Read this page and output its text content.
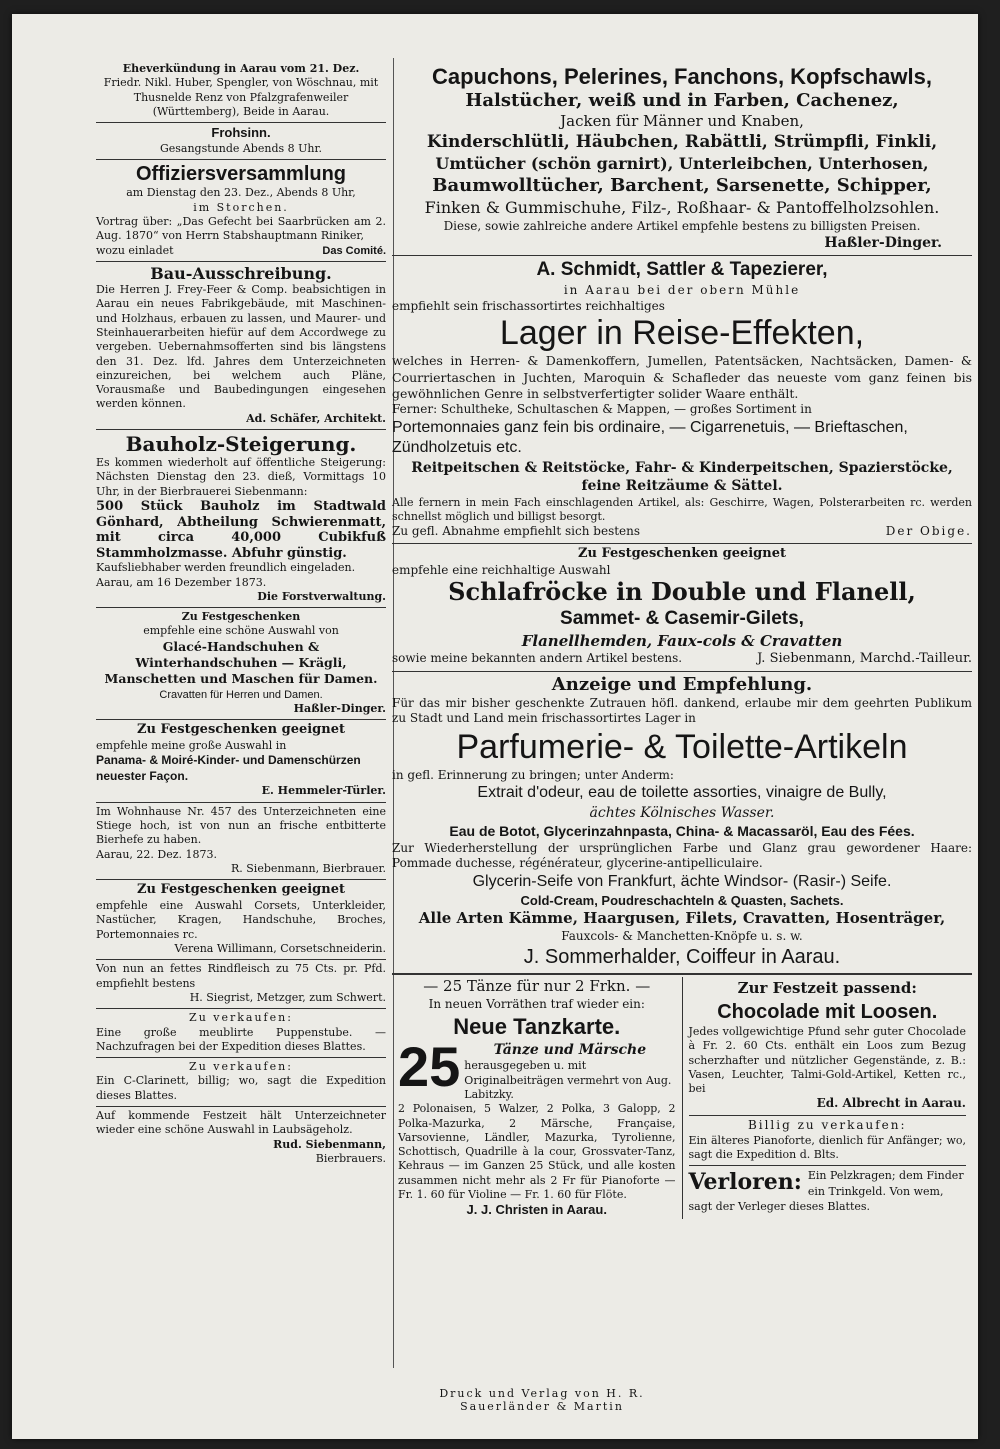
Eheverkündung in Aarau vom 21. Dez.
Friedr. Nikl. Huber, Spengler, von Wöschnau, mit Thusnelde Renz von Pfalzgrafenweiler (Württemberg), Beide in Aarau.
Frohsinn.
Gesangstunde Abends 8 Uhr.
Offiziersversammlung
am Dienstag den 23. Dez., Abends 8 Uhr,
im Storchen.
Vortrag über: „Das Gefecht bei Saarbrücken am 2. Aug. 1870“ von Herrn Stabshauptmann Riniker,
wozu einladet	Das Comité.
Bau-Ausschreibung.
Die Herren J. Frey-Feer & Comp. beabsichtigen in Aarau ein neues Fabrikgebäude, mit Maschinen- und Holzhaus, erbauen zu lassen, und Maurer- und Steinhauerarbeiten hiefür auf dem Accordwege zu vergeben. Uebernahmsofferten sind bis längstens den 31. Dez. lfd. Jahres dem Unterzeichneten einzureichen, bei welchem auch Pläne, Vorausmaße und Baubedingungen eingesehen werden können.
Ad. Schäfer, Architekt.
Bauholz-Steigerung.
Es kommen wiederholt auf öffentliche Steigerung: Nächsten Dienstag den 23. dieß, Vormittags 10 Uhr, in der Bierbrauerei Siebenmann:
500 Stück Bauholz im Stadtwald Gönhard, Abtheilung Schwierenmatt, mit circa 40,000 Cubikfuß Stammholzmasse. Abfuhr günstig.
Kaufsliebhaber werden freundlich eingeladen.
Aarau, am 16 Dezember 1873.
Die Forstverwaltung.
Zu Festgeschenken
empfehle eine schöne Auswahl von
Glacé-Handschuhen & Winterhandschuhen — Krägli, Manschetten und Maschen für Damen.
Cravatten für Herren und Damen.
Haßler-Dinger.
Zu Festgeschenken geeignet
empfehle meine große Auswahl in
Panama- & Moiré-Kinder- und Damenschürzen neuester Façon.
E. Hemmeler-Türler.
Im Wohnhause Nr. 457 des Unterzeichneten eine Stiege hoch, ist von nun an frische entbitterte Bierhefe zu haben.
Aarau, 22. Dez. 1873.
R. Siebenmann, Bierbrauer.
Zu Festgeschenken geeignet
empfehle eine Auswahl Corsets, Unterkleider, Nastücher, Kragen, Handschuhe, Broches, Portemonnaies rc.
Verena Willimann, Corsetschneiderin.
Von nun an fettes Rindfleisch zu 75 Cts. pr. Pfd. empfiehlt bestens
H. Siegrist, Metzger, zum Schwert.
Zu verkaufen:
Eine große meublirte Puppenstube. — Nachzufragen bei der Expedition dieses Blattes.
Zu verkaufen:
Ein C-Clarinett, billig; wo, sagt die Expedition dieses Blattes.
Auf kommende Festzeit hält Unterzeichneter wieder eine schöne Auswahl in Laubsägeholz.
Rud. Siebenmann,
Bierbrauers.
Capuchons, Pelerines, Fanchons, Kopfschawls,
Halstücher, weiß und in Farben, Cachenez,
Jacken für Männer und Knaben,
Kinderschlütli, Häubchen, Rabättli, Strümpfli, Finkli,
Umtücher (schön garnirt), Unterleibchen, Unterhosen,
Baumwolltücher, Barchent, Sarsenette, Schipper,
Finken & Gummischuhe, Filz-, Roßhaar- & Pantoffelholzsohlen.
Diese, sowie zahlreiche andere Artikel empfehle bestens zu billigsten Preisen.
Haßler-Dinger.
A. Schmidt, Sattler & Tapezierer,
in Aarau bei der obern Mühle
empfiehlt sein frischassortirtes reichhaltiges
Lager in Reise-Effekten,
welches in Herren- & Damenkoffern, Jumellen, Patentsäcken, Nachtsäcken, Damen- & Courriertaschen in Juchten, Maroquin & Schafleder das neueste vom ganz feinen bis gewöhnlichen Genre in selbstverfertigter solider Waare enthält.
Ferner: Schultheke, Schultaschen & Mappen, — großes Sortiment in
Portemonnaies ganz fein bis ordinaire, — Cigarrenetuis, — Brieftaschen, Zündholzetuis etc.
Reitpeitschen & Reitstöcke, Fahr- & Kinderpeitschen, Spazierstöcke, feine Reitzäume & Sättel.
Alle fernern in mein Fach einschlagenden Artikel, als: Geschirre, Wagen, Polsterarbeiten rc. werden schnellst möglich und billigst besorgt.
Zu gefl. Abnahme empfiehlt sich bestens	Der Obige.
Zu Festgeschenken geeignet
empfehle eine reichhaltige Auswahl
Schlafröcke in Double und Flanell,
Sammet- & Casemir-Gilets,
Flanellhemden, Faux-cols & Cravatten
sowie meine bekannten andern Artikel bestens.	J. Siebenmann, Marchd.-Tailleur.
Anzeige und Empfehlung.
Für das mir bisher geschenkte Zutrauen höfl. dankend, erlaube mir dem geehrten Publikum zu Stadt und Land mein frischassortirtes Lager in
Parfumerie- & Toilette-Artikeln
in gefl. Erinnerung zu bringen; unter Anderm:
Extrait d'odeur, eau de toilette assorties, vinaigre de Bully,
ächtes Kölnisches Wasser.
Eau de Botot, Glycerinzahnpasta, China- & Macassaröl, Eau des Fées.
Zur Wiederherstellung der ursprünglichen Farbe und Glanz grau gewordener Haare: Pommade duchesse, régénérateur, glycerine-antipelliculaire.
Glycerin-Seife von Frankfurt, ächte Windsor- (Rasir-) Seife.
Cold-Cream, Poudreschachteln & Quasten, Sachets.
Alle Arten Kämme, Haargusen, Filets, Cravatten, Hosenträger,
Fauxcols- & Manchetten-Knöpfe u. s. w.
J. Sommerhalder, Coiffeur in Aarau.
— 25 Tänze für nur 2 Frkn. —
In neuen Vorräthen traf wieder ein:
Neue Tanzkarte.
25	Tänze und Märsche
herausgegeben u. mit Originalbeiträgen vermehrt von Aug. Labitzky.
2 Polonaisen, 5 Walzer, 2 Polka, 3 Galopp, 2 Polka-Mazurka, 2 Märsche, Française, Varsovienne, Ländler, Mazurka, Tyrolienne, Schottisch, Quadrille à la cour, Grossvater-Tanz, Kehraus — im Ganzen 25 Stück, und alle kosten zusammen nicht mehr als 2 Fr für Pianoforte — Fr. 1. 60 für Violine — Fr. 1. 60 für Flöte.
J. J. Christen in Aarau.
Zur Festzeit passend:
Chocolade mit Loosen.
Jedes vollgewichtige Pfund sehr guter Chocolade à Fr. 2. 60 Cts. enthält ein Loos zum Bezug scherzhafter und nützlicher Gegenstände, z. B.: Vasen, Leuchter, Talmi-Gold-Artikel, Ketten rc., bei
Ed. Albrecht in Aarau.
Billig zu verkaufen:
Ein älteres Pianoforte, dienlich für Anfänger; wo, sagt die Expedition d. Blts.
Verloren: Ein Pelzkragen; dem Finder ein Trinkgeld. Von wem, sagt der Verleger dieses Blattes.
Druck und Verlag von H. R. Sauerländer & Martin
